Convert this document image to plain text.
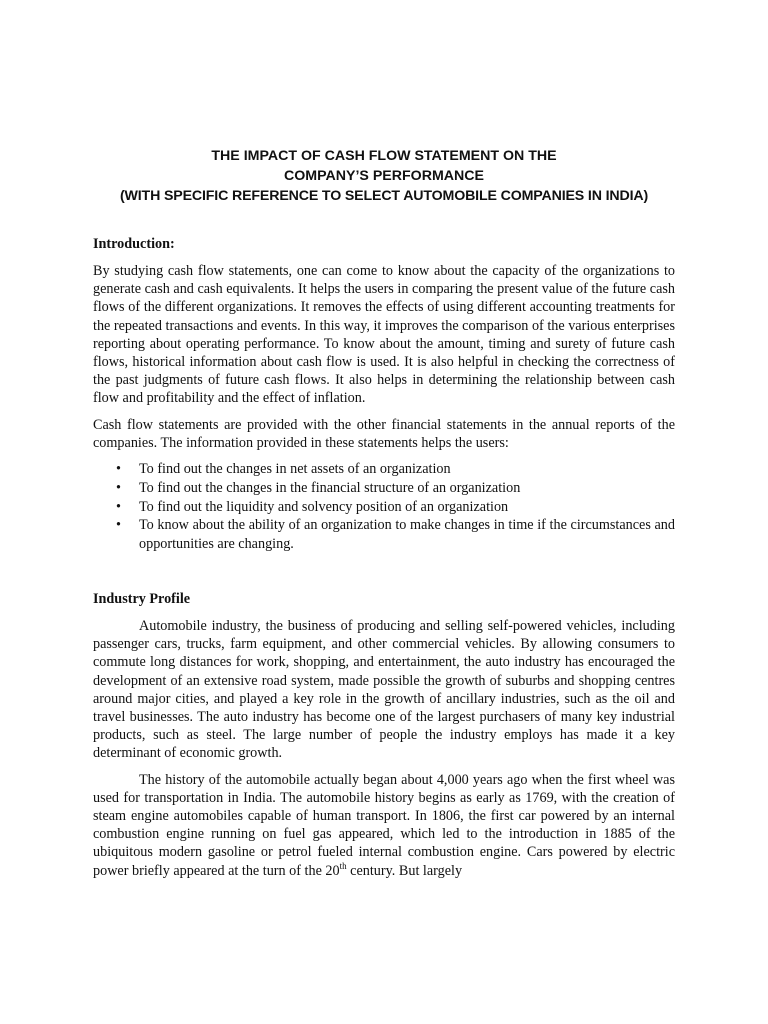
THE IMPACT OF CASH FLOW STATEMENT ON THE
COMPANY’S PERFORMANCE
(WITH SPECIFIC REFERENCE TO SELECT AUTOMOBILE COMPANIES IN INDIA)
Introduction:

By studying cash flow statements, one can come to know about the capacity of the organizations to generate cash and cash equivalents. It helps the users in comparing the present value of the future cash flows of the different organizations. It removes the effects of using different accounting treatments for the repeated transactions and events. In this way, it improves the comparison of the various enterprises reporting about operating performance. To know about the amount, timing and surety of future cash flows, historical information about cash flow is used. It is also helpful in checking the correctness of the past judgments of future cash flows. It also helps in determining the relationship between cash flow and profitability and the effect of inflation.

Cash flow statements are provided with the other financial statements in the annual reports of the companies. The information provided in these statements helps the users:

• To find out the changes in net assets of an organization
• To find out the changes in the financial structure of an organization
• To find out the liquidity and solvency position of an organization
• To know about the ability of an organization to make changes in time if the circumstances and opportunities are changing.
Industry Profile

Automobile industry, the business of producing and selling self-powered vehicles, including passenger cars, trucks, farm equipment, and other commercial vehicles. By allowing consumers to commute long distances for work, shopping, and entertainment, the auto industry has encouraged the development of an extensive road system, made possible the growth of suburbs and shopping centres around major cities, and played a key role in the growth of ancillary industries, such as the oil and travel businesses. The auto industry has become one of the largest purchasers of many key industrial products, such as steel. The large number of people the industry employs has made it a key determinant of economic growth.

The history of the automobile actually began about 4,000 years ago when the first wheel was used for transportation in India. The automobile history begins as early as 1769, with the creation of steam engine automobiles capable of human transport. In 1806, the first car powered by an internal combustion engine running on fuel gas appeared, which led to the introduction in 1885 of the ubiquitous modern gasoline or petrol fueled internal combustion engine. Cars powered by electric power briefly appeared at the turn of the 20th century. But largely
